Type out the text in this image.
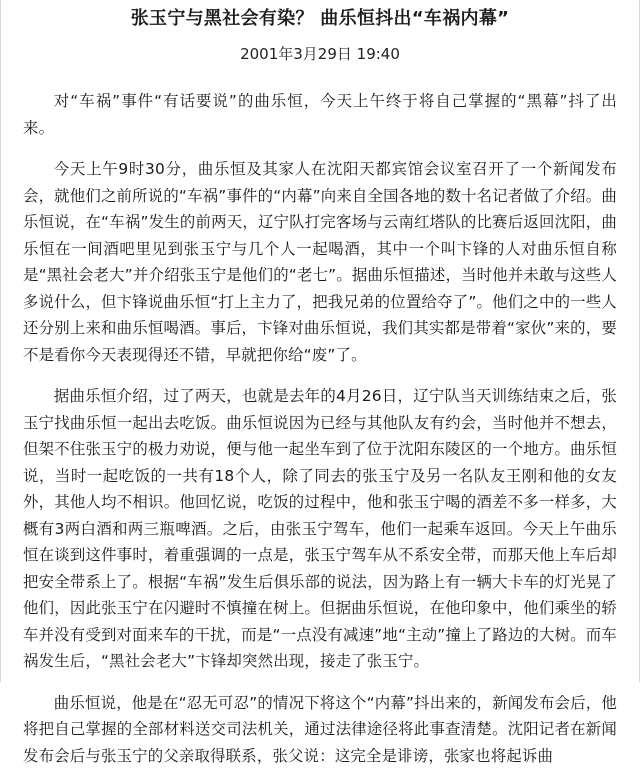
张玉宁与黑社会有染？ 曲乐恒抖出“车祸内幕”

2001年3月29日 19:40

对“车祸”事件“有话要说”的曲乐恒，今天上午终于将自己掌握的“黑幕”抖了出来。

今天上午9时30分，曲乐恒及其家人在沈阳天都宾馆会议室召开了一个新闻发布会，就他们之前所说的“车祸”事件的“内幕”向来自全国各地的数十名记者做了介绍。曲乐恒说，在“车祸”发生的前两天，辽宁队打完客场与云南红塔队的比赛后返回沈阳，曲乐恒在一间酒吧里见到张玉宁与几个人一起喝酒，其中一个叫卞锋的人对曲乐恒自称是“黑社会老大”并介绍张玉宁是他们的“老七”。据曲乐恒描述，当时他并未敢与这些人多说什么，但卞锋说曲乐恒“打上主力了，把我兄弟的位置给夺了”。他们之中的一些人还分别上来和曲乐恒喝酒。事后，卞锋对曲乐恒说，我们其实都是带着“家伙”来的，要不是看你今天表现得还不错，早就把你给“废”了。

据曲乐恒介绍，过了两天，也就是去年的4月26日，辽宁队当天训练结束之后，张玉宁找曲乐恒一起出去吃饭。曲乐恒说因为已经与其他队友有约会，当时他并不想去，但架不住张玉宁的极力劝说，便与他一起坐车到了位于沈阳东陵区的一个地方。曲乐恒说，当时一起吃饭的一共有18个人，除了同去的张玉宁及另一名队友王刚和他的女友外，其他人均不相识。他回忆说，吃饭的过程中，他和张玉宁喝的酒差不多一样多，大概有3两白酒和两三瓶啤酒。之后，由张玉宁驾车，他们一起乘车返回。今天上午曲乐恒在谈到这件事时，着重强调的一点是，张玉宁驾车从不系安全带，而那天他上车后却把安全带系上了。根据“车祸”发生后俱乐部的说法，因为路上有一辆大卡车的灯光晃了他们，因此张玉宁在闪避时不慎撞在树上。但据曲乐恒说，在他印象中，他们乘坐的轿车并没有受到对面来车的干扰，而是“一点没有减速”地“主动”撞上了路边的大树。而车祸发生后，“黑社会老大”卞锋却突然出现，接走了张玉宁。

曲乐恒说，他是在“忍无可忍”的情况下将这个“内幕”抖出来的，新闻发布会后，他将把自己掌握的全部材料送交司法机关，通过法律途径将此事查清楚。沈阳记者在新闻发布会后与张玉宁的父亲取得联系，张父说：这完全是诽谤，张家也将起诉曲
